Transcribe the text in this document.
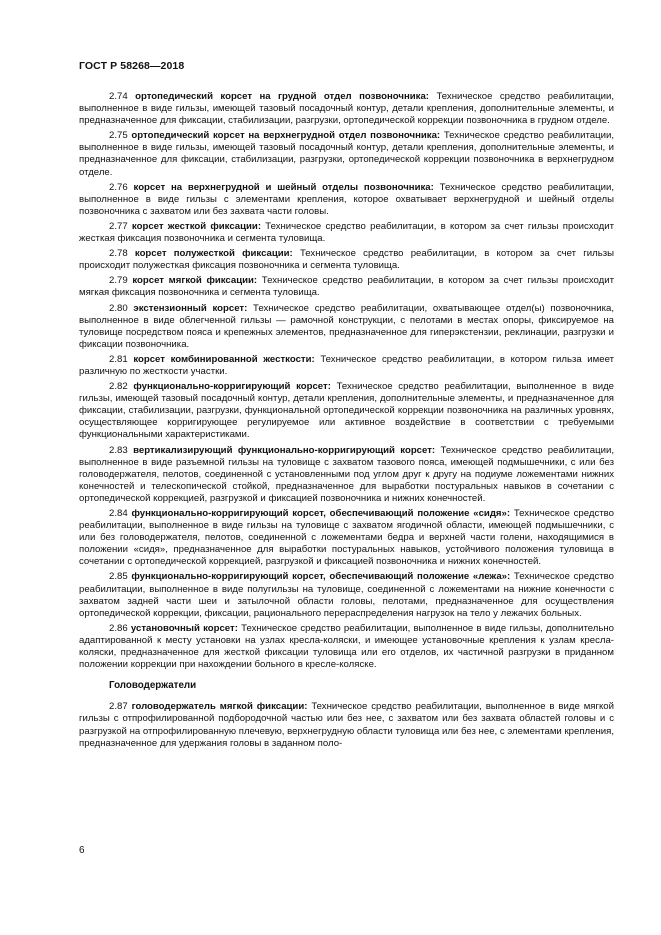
ГОСТ Р 58268—2018

2.74 ортопедический корсет на грудной отдел позвоночника: Техническое средство реабилитации, выполненное в виде гильзы, имеющей тазовый посадочный контур, детали крепления, дополнительные элементы, и предназначенное для фиксации, стабилизации, разгрузки, ортопедической коррекции позвоночника в грудном отделе.

2.75 ортопедический корсет на верхнегрудной отдел позвоночника: Техническое средство реабилитации, выполненное в виде гильзы, имеющей тазовый посадочный контур, детали крепления, дополнительные элементы, и предназначенное для фиксации, стабилизации, разгрузки, ортопедической коррекции позвоночника в верхнегрудном отделе.

2.76 корсет на верхнегрудной и шейный отделы позвоночника: Техническое средство реабилитации, выполненное в виде гильзы с элементами крепления, которое охватывает верхнегрудной и шейный отделы позвоночника с захватом или без захвата части головы.

2.77 корсет жесткой фиксации: Техническое средство реабилитации, в котором за счет гильзы происходит жесткая фиксация позвоночника и сегмента туловища.

2.78 корсет полужесткой фиксации: Техническое средство реабилитации, в котором за счет гильзы происходит полужесткая фиксация позвоночника и сегмента туловища.

2.79 корсет мягкой фиксации: Техническое средство реабилитации, в котором за счет гильзы происходит мягкая фиксация позвоночника и сегмента туловища.

2.80 экстензионный корсет: Техническое средство реабилитации, охватывающее отдел(ы) позвоночника, выполненное в виде облегченной гильзы — рамочной конструкции, с пелотами в местах опоры, фиксируемое на туловище посредством пояса и крепежных элементов, предназначенное для гиперэкстензии, реклинации, разгрузки и фиксации позвоночника.

2.81 корсет комбинированной жесткости: Техническое средство реабилитации, в котором гильза имеет различную по жесткости участки.

2.82 функционально-корригирующий корсет: Техническое средство реабилитации, выполненное в виде гильзы, имеющей тазовый посадочный контур, детали крепления, дополнительные элементы, и предназначенное для фиксации, стабилизации, разгрузки, функциональной ортопедической коррекции позвоночника на различных уровнях, осуществляющее корригирующее регулируемое или активное воздействие в соответствии с требуемыми функциональными характеристиками.

2.83 вертикализирующий функционально-корригирующий корсет: Техническое средство реабилитации, выполненное в виде разъемной гильзы на туловище с захватом тазового пояса, имеющей подмышечники, с или без головодержателя, пелотов, соединенной с установленными под углом друг к другу на подиуме ложементами нижних конечностей и телескопической стойкой, предназначенное для выработки постуральных навыков в сочетании с ортопедической коррекцией, разгрузкой и фиксацией позвоночника и нижних конечностей.

2.84 функционально-корригирующий корсет, обеспечивающий положение «сидя»: Техническое средство реабилитации, выполненное в виде гильзы на туловище с захватом ягодичной области, имеющей подмышечники, с или без головодержателя, пелотов, соединенной с ложементами бедра и верхней части голени, находящимися в положении «сидя», предназначенное для выработки постуральных навыков, устойчивого положения туловища в сочетании с ортопедической коррекцией, разгрузкой и фиксацией позвоночника и нижних конечностей.

2.85 функционально-корригирующий корсет, обеспечивающий положение «лежа»: Техническое средство реабилитации, выполненное в виде полугильзы на туловище, соединенной с ложементами на нижние конечности с захватом задней части шеи и затылочной области головы, пелотами, предназначенное для осуществления ортопедической коррекции, фиксации, рационального перераспределения нагрузок на тело у лежачих больных.

2.86 установочный корсет: Техническое средство реабилитации, выполненное в виде гильзы, дополнительно адаптированной к месту установки на узлах кресла-коляски, и имеющее установочные крепления к узлам кресла-коляски, предназначенное для жесткой фиксации туловища или его отделов, их частичной разгрузки в приданном положении коррекции при нахождении больного в кресле-коляске.

Головодержатели

2.87 головодержатель мягкой фиксации: Техническое средство реабилитации, выполненное в виде мягкой гильзы с отпрофилированной подбородочной частью или без нее, с захватом или без захвата областей головы и с разгрузкой на отпрофилированную плечевую, верхнегрудную области туловища или без нее, с элементами крепления, предназначенное для удержания головы в заданном поло-

6
